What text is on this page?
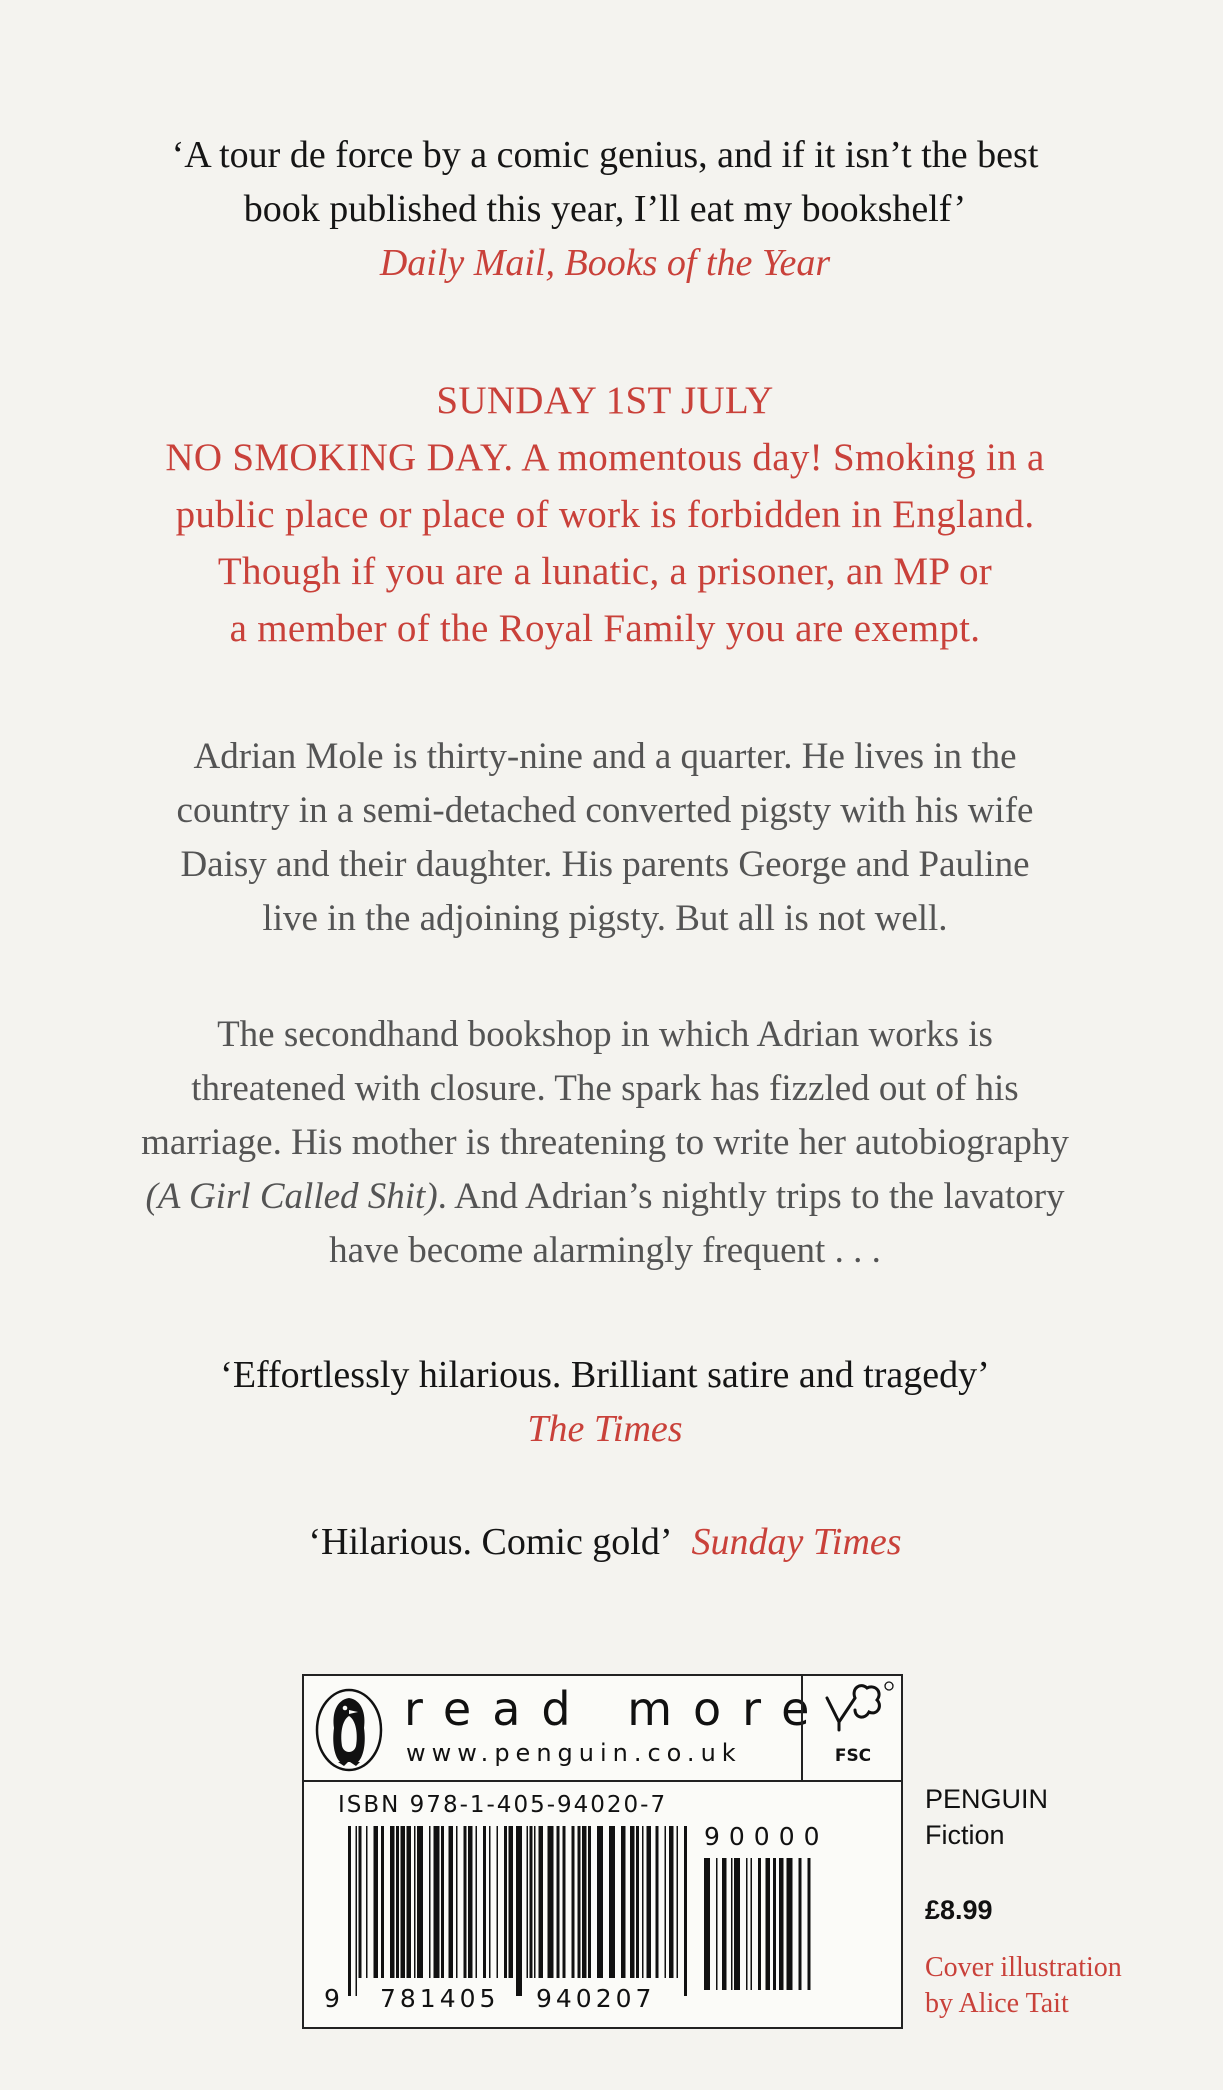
‘A tour de force by a comic genius, and if it isn’t the best
book published this year, I’ll eat my bookshelf’
Daily Mail, Books of the Year
SUNDAY 1ST JULY
NO SMOKING DAY. A momentous day! Smoking in a
public place or place of work is forbidden in England.
Though if you are a lunatic, a prisoner, an MP or
a member of the Royal Family you are exempt.
Adrian Mole is thirty-nine and a quarter. He lives in the
country in a semi-detached converted pigsty with his wife
Daisy and their daughter. His parents George and Pauline
live in the adjoining pigsty. But all is not well.
The secondhand bookshop in which Adrian works is
threatened with closure. The spark has fizzled out of his
marriage. His mother is threatening to write her autobiography
(A Girl Called Shit). And Adrian’s nightly trips to the lavatory
have become alarmingly frequent . . .
‘Effortlessly hilarious. Brilliant satire and tragedy’
The Times
‘Hilarious. Comic gold’ Sunday Times
read more
www.penguin.co.uk	FSC
ISBN 978-1-405-94020-7
90000
9 781405 940207
PENGUIN
Fiction
£8.99
Cover illustration
by Alice Tait
